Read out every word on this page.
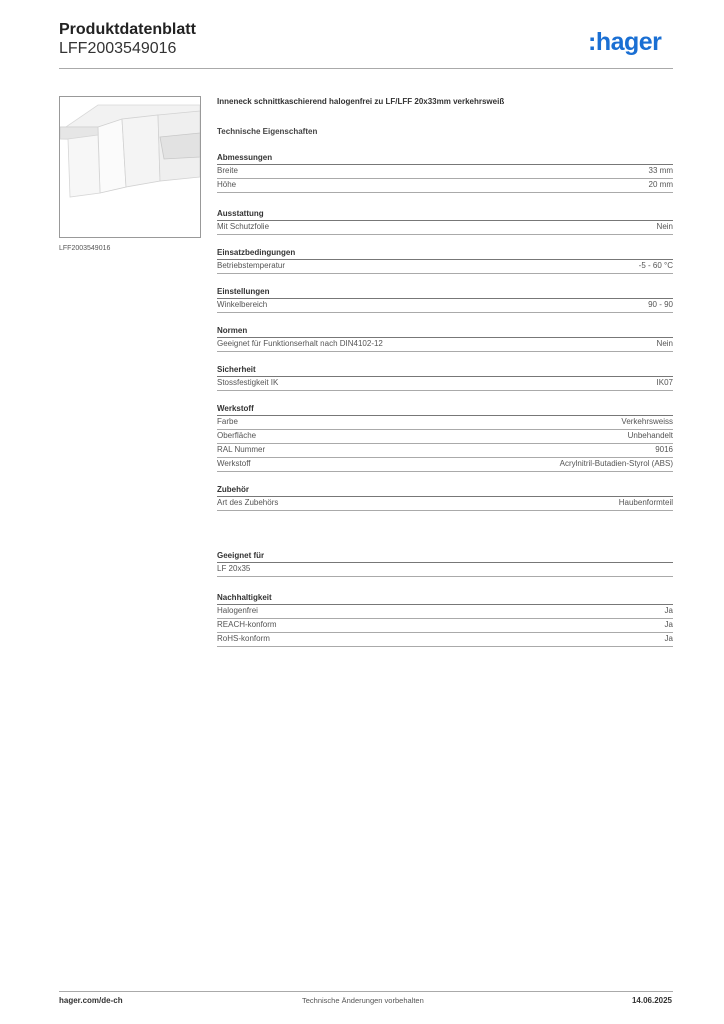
Produktdatenblatt
LFF2003549016	:hager
LFF2003549016
Inneneck schnittkaschierend halogenfrei zu LF/LFF 20x33mm verkehrsweiß
Technische Eigenschaften
Abmessungen
Breite	33 mm
Höhe	20 mm
Ausstattung
Mit Schutzfolie	Nein
Einsatzbedingungen
Betriebstemperatur	-5 - 60 °C
Einstellungen
Winkelbereich	90 - 90
Normen
Geeignet für Funktionserhalt nach DIN4102-12	Nein
Sicherheit
Stossfestigkeit IK	IK07
Werkstoff
Farbe	Verkehrsweiss
Oberfläche	Unbehandelt
RAL Nummer	9016
Werkstoff	Acrylnitril-Butadien-Styrol (ABS)
Zubehör
Art des Zubehörs	Haubenformteil
Geeignet für
LF 20x35
Nachhaltigkeit
Halogenfrei	Ja
REACH-konform	Ja
RoHS-konform	Ja
hager.com/de-ch	Technische Änderungen vorbehalten	14.06.2025
